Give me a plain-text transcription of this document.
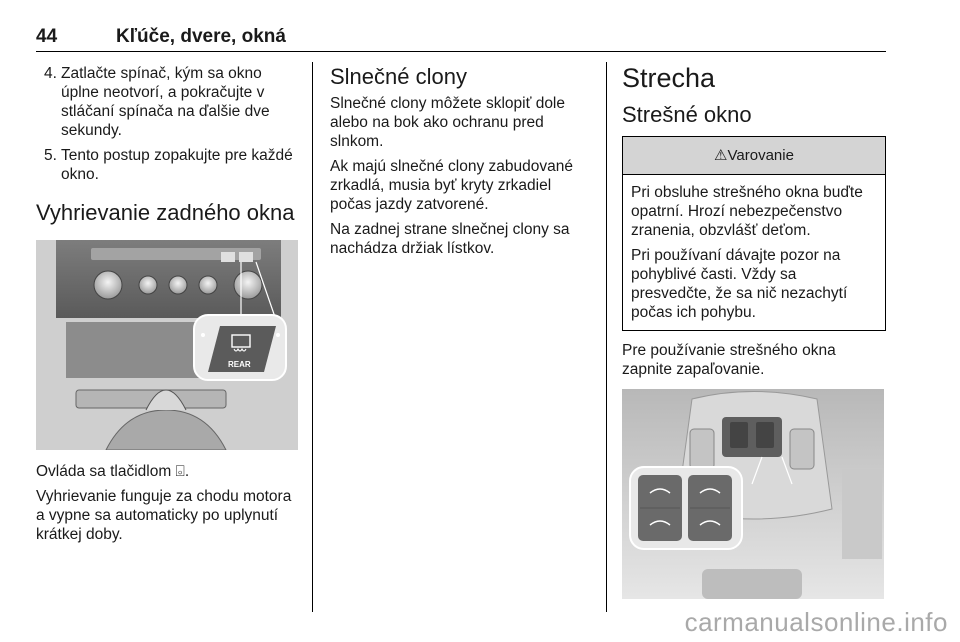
44	Kľúče, dvere, okná
4. Zatlačte spínač, kým sa okno úplne neotvorí, a pokračujte v stláčaní spínača na ďalšie dve sekundy.
5. Tento postup zopakujte pre každé okno.
Vyhrievanie zadného okna
REAR

Ovláda sa tlačidlom ⌻.

Vyhrievanie funguje za chodu motora a vypne sa automaticky po uplynutí krátkej doby.

Slnečné clony

Slnečné clony môžete sklopiť dole alebo na bok ako ochranu pred slnkom.

Ak majú slnečné clony zabudované zrkadlá, musia byť kryty zrkadiel počas jazdy zatvorené.

Na zadnej strane slnečnej clony sa nachádza držiak lístkov.

Strecha
Strešné okno
⚠Varovanie

Pri obsluhe strešného okna buďte opatrní. Hrozí nebezpečenstvo zranenia, obzvlášť deťom.

Pri používaní dávajte pozor na pohyblivé časti. Vždy sa presvedčte, že sa nič nezachytí počas ich pohybu.

Pre používanie strešného okna zapnite zapaľovanie.

carmanualsonline.info
